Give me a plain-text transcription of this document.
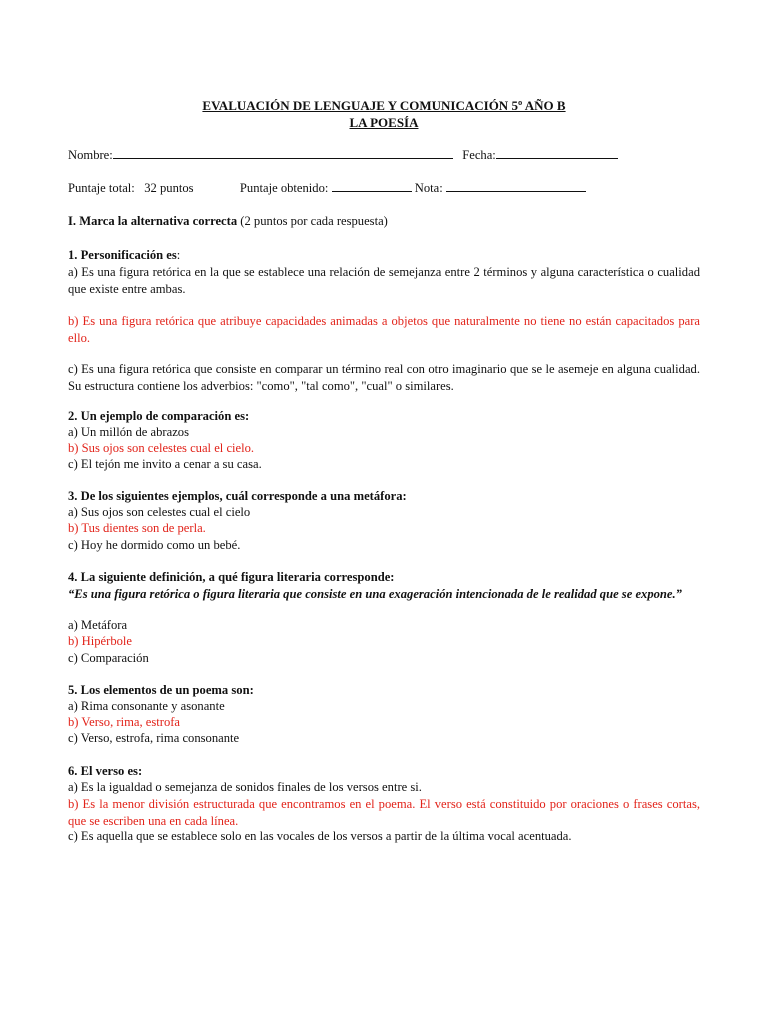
EVALUACIÓN DE LENGUAJE Y COMUNICACIÓN 5º AÑO B
LA POESÍA
Nombre:	Fecha:
Puntaje total:   32 puntos	Puntaje obtenido:	Nota:
I. Marca la alternativa correcta (2 puntos por cada respuesta)
1. Personificación es:
a) Es una figura retórica en la que se establece una relación de semejanza entre 2 términos y alguna característica o cualidad que existe entre ambas.
b) Es una figura retórica que atribuye capacidades animadas a objetos que naturalmente no tiene no están capacitados para ello.
c) Es una figura retórica que consiste en comparar un término real con otro imaginario que se le asemeje en alguna cualidad. Su estructura contiene los adverbios: "como", "tal como", "cual" o similares.
2. Un ejemplo de comparación es:
a) Un millón de abrazos
b) Sus ojos son celestes cual el cielo.
c) El tejón me invito a cenar a su casa.
3. De los siguientes ejemplos, cuál corresponde a una metáfora:
a) Sus ojos son celestes cual el cielo
b) Tus dientes son de perla.
c) Hoy he dormido como un bebé.
4. La siguiente definición, a qué figura literaria corresponde:
“Es una figura retórica o figura literaria que consiste en una exageración intencionada de le realidad que se expone.”
a) Metáfora
b) Hipérbole
c) Comparación
5. Los elementos de un poema son:
a) Rima consonante y asonante
b) Verso, rima, estrofa
c) Verso, estrofa, rima consonante
6. El verso es:
a) Es la igualdad o semejanza de sonidos finales de los versos entre si.
b) Es la menor división estructurada que encontramos en el poema. El verso está constituido por oraciones o frases cortas, que se escriben una en cada línea.
c) Es aquella que se establece solo en las vocales de los versos a partir de la última vocal acentuada.
